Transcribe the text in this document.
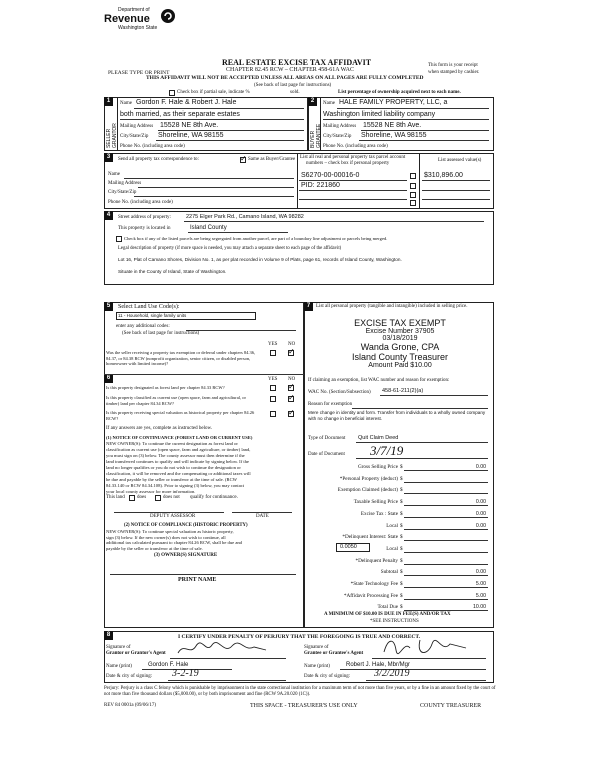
Department of
Revenue
Washington State
REAL ESTATE EXCISE TAX AFFIDAVIT
CHAPTER 82.45 RCW – CHAPTER 458-61A WAC
THIS AFFIDAVIT WILL NOT BE ACCEPTED UNLESS ALL AREAS ON ALL PAGES ARE FULLY COMPLETED
PLEASE TYPE OR PRINT
This form is your receipt
when stamped by cashier.
(See back of last page for instructions)
Check box if partial sale, indicate %	sold.	List percentage of ownership acquired next to each name.
1	2
SELLER GRANTOR	BUYER GRANTEE
Name Gordon F. Hale & Robert J. Hale
both married, as their separate estates
Mailing Address 15528 NE 8th Ave.
City/State/Zip Shoreline, WA 98155
Phone No. (including area code)
Name HALE FAMILY PROPERTY, LLC, a
Washington limited liability company
Mailing Address 15528 NE 8th Ave.
City/State/Zip Shoreline, WA 98155
Phone No. (including area code)
3	Send all property tax correspondence to:
✓	Same as Buyer/Grantee
Name
Mailing Address
City/State/Zip
Phone No. (including area code)
List all real and personal property tax parcel account
numbers – check box if personal property
List assessed value(s)
S6270-00-00016-0	$310,896.00
PID: 221860
4	Street address of property:	2275 Elger Park Rd., Camano Island, WA 98282
This property is located in	Island County
Check box if any of the listed parcels are being segregated from another parcel, are part of a boundary line adjustment or parcels being merged.
Legal description of property (if more space is needed, you may attach a separate sheet to each page of the affidavit)
Lot 16, Plat of Camano Shores, Division No. 1, as per plat recorded in Volume 9 of Plats, page 61, records of Island County, Washington.
Situate in the County of Island, State of Washington.
5	Select Land Use Code(s):
11 - Household, single family units
enter any additional codes:
(See back of last page for instructions)
YES NO
Was the seller receiving a property tax exemption or deferral under chapters 84.36, 84.37, or 84.38 RCW (nonprofit organization, senior citizen, or disabled person, homeowner with limited income)?
✓
6	YES NO
Is this property designated as forest land per chapter 84.33 RCW?
✓
Is this property classified as current use (open space, farm and agricultural, or timber) land per chapter 84.34 RCW?
✓
Is this property receiving special valuation as historical property per chapter 84.26 RCW?
✓
If any answers are yes, complete as instructed below.
(1) NOTICE OF CONTINUANCE (FOREST LAND OR CURRENT USE)
NEW OWNER(S): To continue the current designation as forest land or
classification as current use (open space, farm and agriculture, or timber) land,
you must sign on (3) below. The county assessor must then determine if the
land transferred continues to qualify and will indicate by signing below. If the
land no longer qualifies or you do not wish to continue the designation or
classification, it will be removed and the compensating or additional taxes will
be due and payable by the seller or transferor at the time of sale. (RCW
84.33.140 or RCW 84.34.108). Prior to signing (3) below, you may contact
your local county assessor for more information.
This land does	does not qualify for continuance.
DEPUTY ASSESSOR	DATE
(2) NOTICE OF COMPLIANCE (HISTORIC PROPERTY)
NEW OWNER(S): To continue special valuation as historic property,
sign (3) below. If the new owner(s) does not wish to continue, all
additional tax calculated pursuant to chapter 84.26 RCW, shall be due and
payable by the seller or transferor at the time of sale.
(3) OWNER(S) SIGNATURE
PRINT NAME
7	List all personal property (tangible and intangible) included in selling price.
EXCISE TAX EXEMPT
Excise Number 37905
03/18/2019
Wanda Grone, CPA
Island County Treasurer
Amount Paid $10.00
If claiming an exemption, list WAC number and reason for exemption:
WAC No. (Section/Subsection) 458-61-211(2)(a)
Reason for exemption
Mere change in identity and form. Transfer from individuals to a wholly owned company with no change in beneficial interest.
Type of Document Quit Claim Deed
Date of Document 3/7/19
Gross Selling Price $	0.00
*Personal Property (deduct) $
Exemption Claimed (deduct) $
Taxable Selling Price $	0.00
Excise Tax : State $	0.00
Local $	0.00
*Delinquent Interest: State $
Local $
*Delinquent Penalty $
Subtotal $	0.00
*State Technology Fee $	5.00
*Affidavit Processing Fee $	5.00
Total Due $	10.00
0.0050
A MINIMUM OF $10.00 IS DUE IN FEE(S) AND/OR TAX
*SEE INSTRUCTIONS
8	I CERTIFY UNDER PENALTY OF PERJURY THAT THE FOREGOING IS TRUE AND CORRECT.
Signature of
Grantor or Grantor's Agent
Name (print)	Gordon F. Hale
Date & city of signing: 3-2-19
Signature of
Grantee or Grantee's Agent
Name (print)	Robert J. Hale, Mbr/Mgr
Date & city of signing: 3/2/2019
Perjury: Perjury is a class C felony which is punishable by imprisonment in the state correctional institution for a maximum term of not more than five years, or by a fine in an amount fixed by the court of not more than five thousand dollars ($5,000.00), or by both imprisonment and fine (RCW 9A.20.020 (1C)).
REV 84 0001a (09/06/17)	THIS SPACE - TREASURER'S USE ONLY	COUNTY TREASURER
